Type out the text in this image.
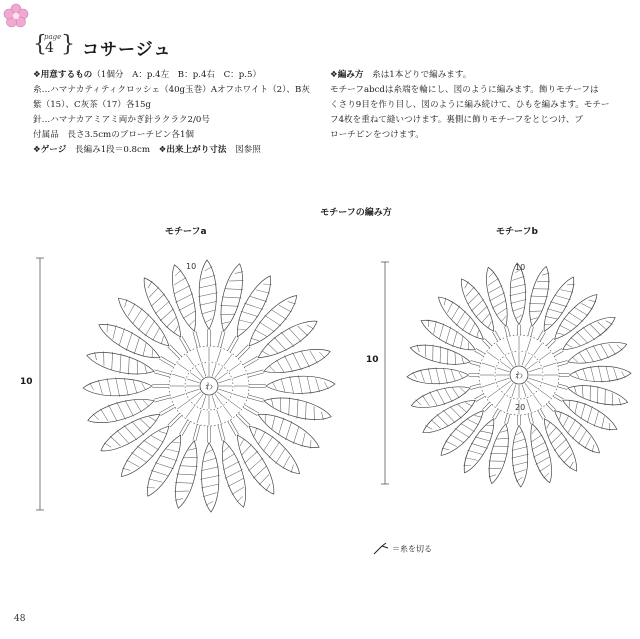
{
page
4 } コサージュ
❖用意するもの（1個分　A：p.4左　B：p.4右　C：p.5）
糸…ハマナカティティクロッシェ（40g玉巻）Aオフホワイト（2）、B灰
紫（15）、C灰茶（17）各15g
針…ハマナカアミアミ両かぎ針ラクラク2/0号
付属品　長さ3.5cmのブローチピン各1個
❖ゲージ　長編み1段＝0.8cm　 ❖出来上がり寸法　図参照
❖編み方　糸は1本どりで編みます。
モチーフabcdは糸端を輪にし、図のように編みます。飾りモチーフは
くさり9目を作り目し、図のように編み続けて、ひもを編みます。モチー
フ4枚を重ねて縫いつけます。裏側に飾りモチーフをとじつけ、ブ
ローチピンをつけます。
モチーフの編み方
モチーフa	モチーフb
10
10
10	10
20
わ
わ
＝糸を切る
48
